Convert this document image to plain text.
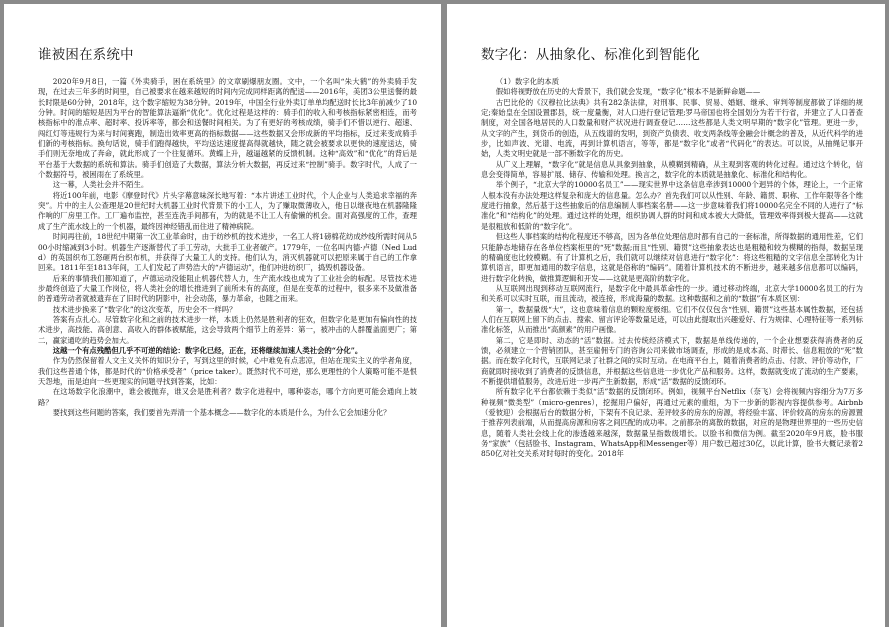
谁被困在系统中

2020年9月8日，一篇《外卖骑手，困在系统里》的文章刷爆朋友圈。文中，一个名叫“朱大鹤”的外卖骑手发现，在过去三年多的时间里，自己被要求在越来越短的时间内完成同样距离的配送——2016年，美团3公里送餐的最长时限是60分钟，2018年，这个数字缩短为38分钟。2019年，中国全行业外卖订单单均配送时长比3年前减少了10分钟。时间的缩短是因为平台的智能算法逼渐“优化”。优化过程是这样的：骑手们的收入和考核指标紧密相连，而考核指标中的准点率、超时率、投诉率等，都会和送餐时间相关。为了有更好的考核成绩，骑手们不惜以逆行、超速、闯红灯等违规行为来与时间赛跑，制造出效率更高的指标数据——这些数据又会形成新的平均指标，反过来变成骑手们新的考核指标。换句话说，骑手们跑得越快，平均送达速度提高得就越快，随之就会被要求以更快的速度送达，骑手们则无奈地成了奔命，就此形成了一个往复循环。黄蝶上升，越逼越紧的反馈机制。这种“高效”和“优化”的背后是平台基于大数据的系统和算法。骑手们创造了大数据，算法分析大数据，再反过来“控制”骑手。数字时代，人成了一个数据符号，被困雨在了系统里。

这一幕，人类社会并不陌生。

将近100年前，电影《摩登时代》片头字幕意味深长地写着：“本片讲述工业时代，个人企业与人类追求幸福的奔突”。片中的主人公查理是20世纪时大机器工业时代背景下的小工人，为了赚取微薄收入，他日以继夜地在机器隆隆作响的厂房里工作。工厂遍布监控，甚至连洗手间都有，为的就是不让工人有偷懒的机会。面对高强度的工作，查理成了生产流水线上的一个机器，最终因神经错乱而住进了精神病院。

时间再往前，18世纪中期第一次工业革命时，由于纺纱机的技术进步，一名工人将1磅棉花纺成纱线所需时间从500小时缩减到3小时。机器生产逐渐替代了手工劳动，大批手工业者破产。1779年，一位名叫内德·卢德（Ned Ludd）的英国织布工怒砸两台织布机，并获得了大量工人的支持。他们认为，消灭机器就可以把原来属于自己的工作拿回来。1811年至1813年间，工人们发起了声势浩大的“卢德运动”，他们冲进纺织厂，捣毁机器设备。

后来的事情我们都知道了，卢德运动没能阻止机器代替人力，生产流水线也成为了工业社会的标配。尽管技术进步最终创造了大量工作岗位，将人类社会的增长推进到了前所未有的高度，但是在变革的过程中，很多来不及做准备的普通劳动者就被遗弃在了旧时代的阴影中，社会动荡，暴力革命，也随之而来。

技术进步换来了“数字化”的这次变革，历史会不一样吗？

答案有点扎心。尽管数字化和之前的技术进步一样，本质上仍然是胜利者的狂欢，但数字化是更加有偏向性的技术进步，高技能、高创意、高收入的群体被赋能，这会导致两个细节上的差异：第一，被冲击的人群覆盖面更广；第二，赢家通吃的趋势会加大。

这越一个有点残酷但几乎不可逆的结论：数字化已经，正在，还将继续加速人类社会的“分化”。

作为仍然保留着人文主义关怀的知识分子，写到这里的时候，心中难免有点悲凉，但站在现实主义的学者角度，我们这些普通个体，都是时代的“价格承受者”（price taker）。既然时代不可逆，那么更理性的个人策略可能不是恨天怨地，而是迫向一些更现实的问题寻找到答案，比如：

在这场数字化浪潮中，谁会被抛弃，谁又会是胜利者？数字化进程中，哪种姿态，哪个方向更可能会通向上坡路？

要找到这些问题的答案，我们要首先弄清一个基本概念——数字化的本质是什么，为什么它会加速分化？

数字化：从抽象化、标准化到智能化

（1）数字化的本质

假如将视野放在历史的大背景下，我们就会发现，“数字化”根本不是新鲜命题——

古巴比伦的《汉穆拉比法典》共有282条法律，对刑事、民事、贸易、婚姻、继承、审判等制度都做了详细的规定;秦始皇在全国设置郡县，统一度量衡，对人口进行登记管理;罗马帝国也将全国划分为若干行省，并建立了人口普查制度，对全国各地居民的人口数量和财产状况进行调查登记……这些都是人类文明早期的“数字化”管理。更进一步，从文字的产生，到货币的创造，从五线谱的发明，到资产负债表、收支两条线等金融会计概念的普及，从近代科学的进步，比如声波、光谱、电流，再到计算机语言，等等，都是“数字化”或者“代码化”的表达。可以说，从抽绳记事开始，人类文明史就是一部不断数字化的历史。

从广义上理解，“数字化”就是信息从具象到抽象，从模糊到精确，从主观到客观的转化过程。通过这个转化，信息会变得简单，容易扩展、储存、传输和处理。换言之，数字化的本质就是抽象化、标准化和结构化。

举个例子，“北京大学的10000名员工”——现实世界中这条信息牵涉到10000个迥异的个体，理论上，一个正常人根本没有办法处理这样复杂和庞大的信息量。怎么办？首先我们可以从性别、年龄、籍贯、职称、工作年限等各个维度进行抽象，然后基于这些抽象后的信息编制人事档案名册——这一步意味着我们将10000名完全不同的人进行了“标准化”和“结构化”的处理。通过这样的处理，组织协调人群的时间和成本被大大降低，管理效率得到极大提高——这就是很粗放和低阶的“数字化”。

但这些人事档案的结构化程度还不够高，因为各单位处理信息时都有自己的一套标准，所得数据的通用性差，它们只能静态地储存在各单位档案柜里的“死”数据;而且“性别、籍贯”这些抽象表达也是粗糙和较为模糊的指得，数据呈现的精确度也比较模糊。有了计算机之后，我们就可以继续对信息进行“数字化”：将这些粗糙的文字信息全部转化为计算机语言，即更加通用的数字信息，这就是俗称的“编码”。随着计算机技术的不断进步，越来越多信息都可以编码，进行数字化转换，做推算逻辑和开发——这就是更高阶的数字化。

从互联网出现到移动互联网流行，是数字化中最具革命性的一步。通过移动终端，北京大学10000名员工的行为和关系可以实时互联，而且流动，被连接，形成海量的数据。这种数据和之前的“数据”有本质区别：

第一，数据量级“大”，这也意味着信息的颗粒度极细。它们不仅仅包含“性别、籍贯”这些基本属性数据，还包括人们在互联网上留下的点击、搜索、留言评论等数量足迹，可以由此提取出兴趣爱好、行为规律、心理特征等一系列标准化标签，从而推出“高颜素”的用户画像。

第二，它是即时、动态的“活”数据。过去传统经济模式下，数据是单线传递的，一个企业想要获得消费者的反馈，必须建立一个营销团队，甚至雇佣专门的咨询公司来做市场调查，形成的是成本高、时滞长、信息粗放的“死”数据。而在数字化时代，互联网记录了社群之间的实时互动。在电商平台上，随着消费者的点击、付款、评价等动作，厂商就即时接收到了消费者的反馈信息，并根据这些信息进一步优化产品和服务。这样，数据就变成了流动的生产要素，不断提供增值服务，改进后进一步再产生新数据，形成“活”数据的反馈闭环。

所有数字化平台都依赖于类似“活”数据的反馈闭环。例如，视频平台Netflix（奈飞）会将视频内容细分为7万多种视频“微类型”（micro-genres），挖掘用户偏好，再通过元素的重组，为下一步新的影视内容提供参考。Airbnb（爱彼迎）会根据后台的数据分析，下架有不良记录、差评较多的房东的房源，将经验丰富、评价较高的房东的房源置于推荐列表前端，从而提高房源和房客之间匹配的成功率。之前都杂的离散的数据，对应的是物理世界里的一些历史信息，随着人类社会线上化的渗透越来越深，数据量呈指数级增长。以脸书和微信为例。截至2020年9月底，脸书服务“家族”（包括脸书、Instagram、WhatsApp和Messenger等）用户数已超过30亿，以此计算，脸书大概记录着2850亿对社交关系对时每时的变化。2018年
